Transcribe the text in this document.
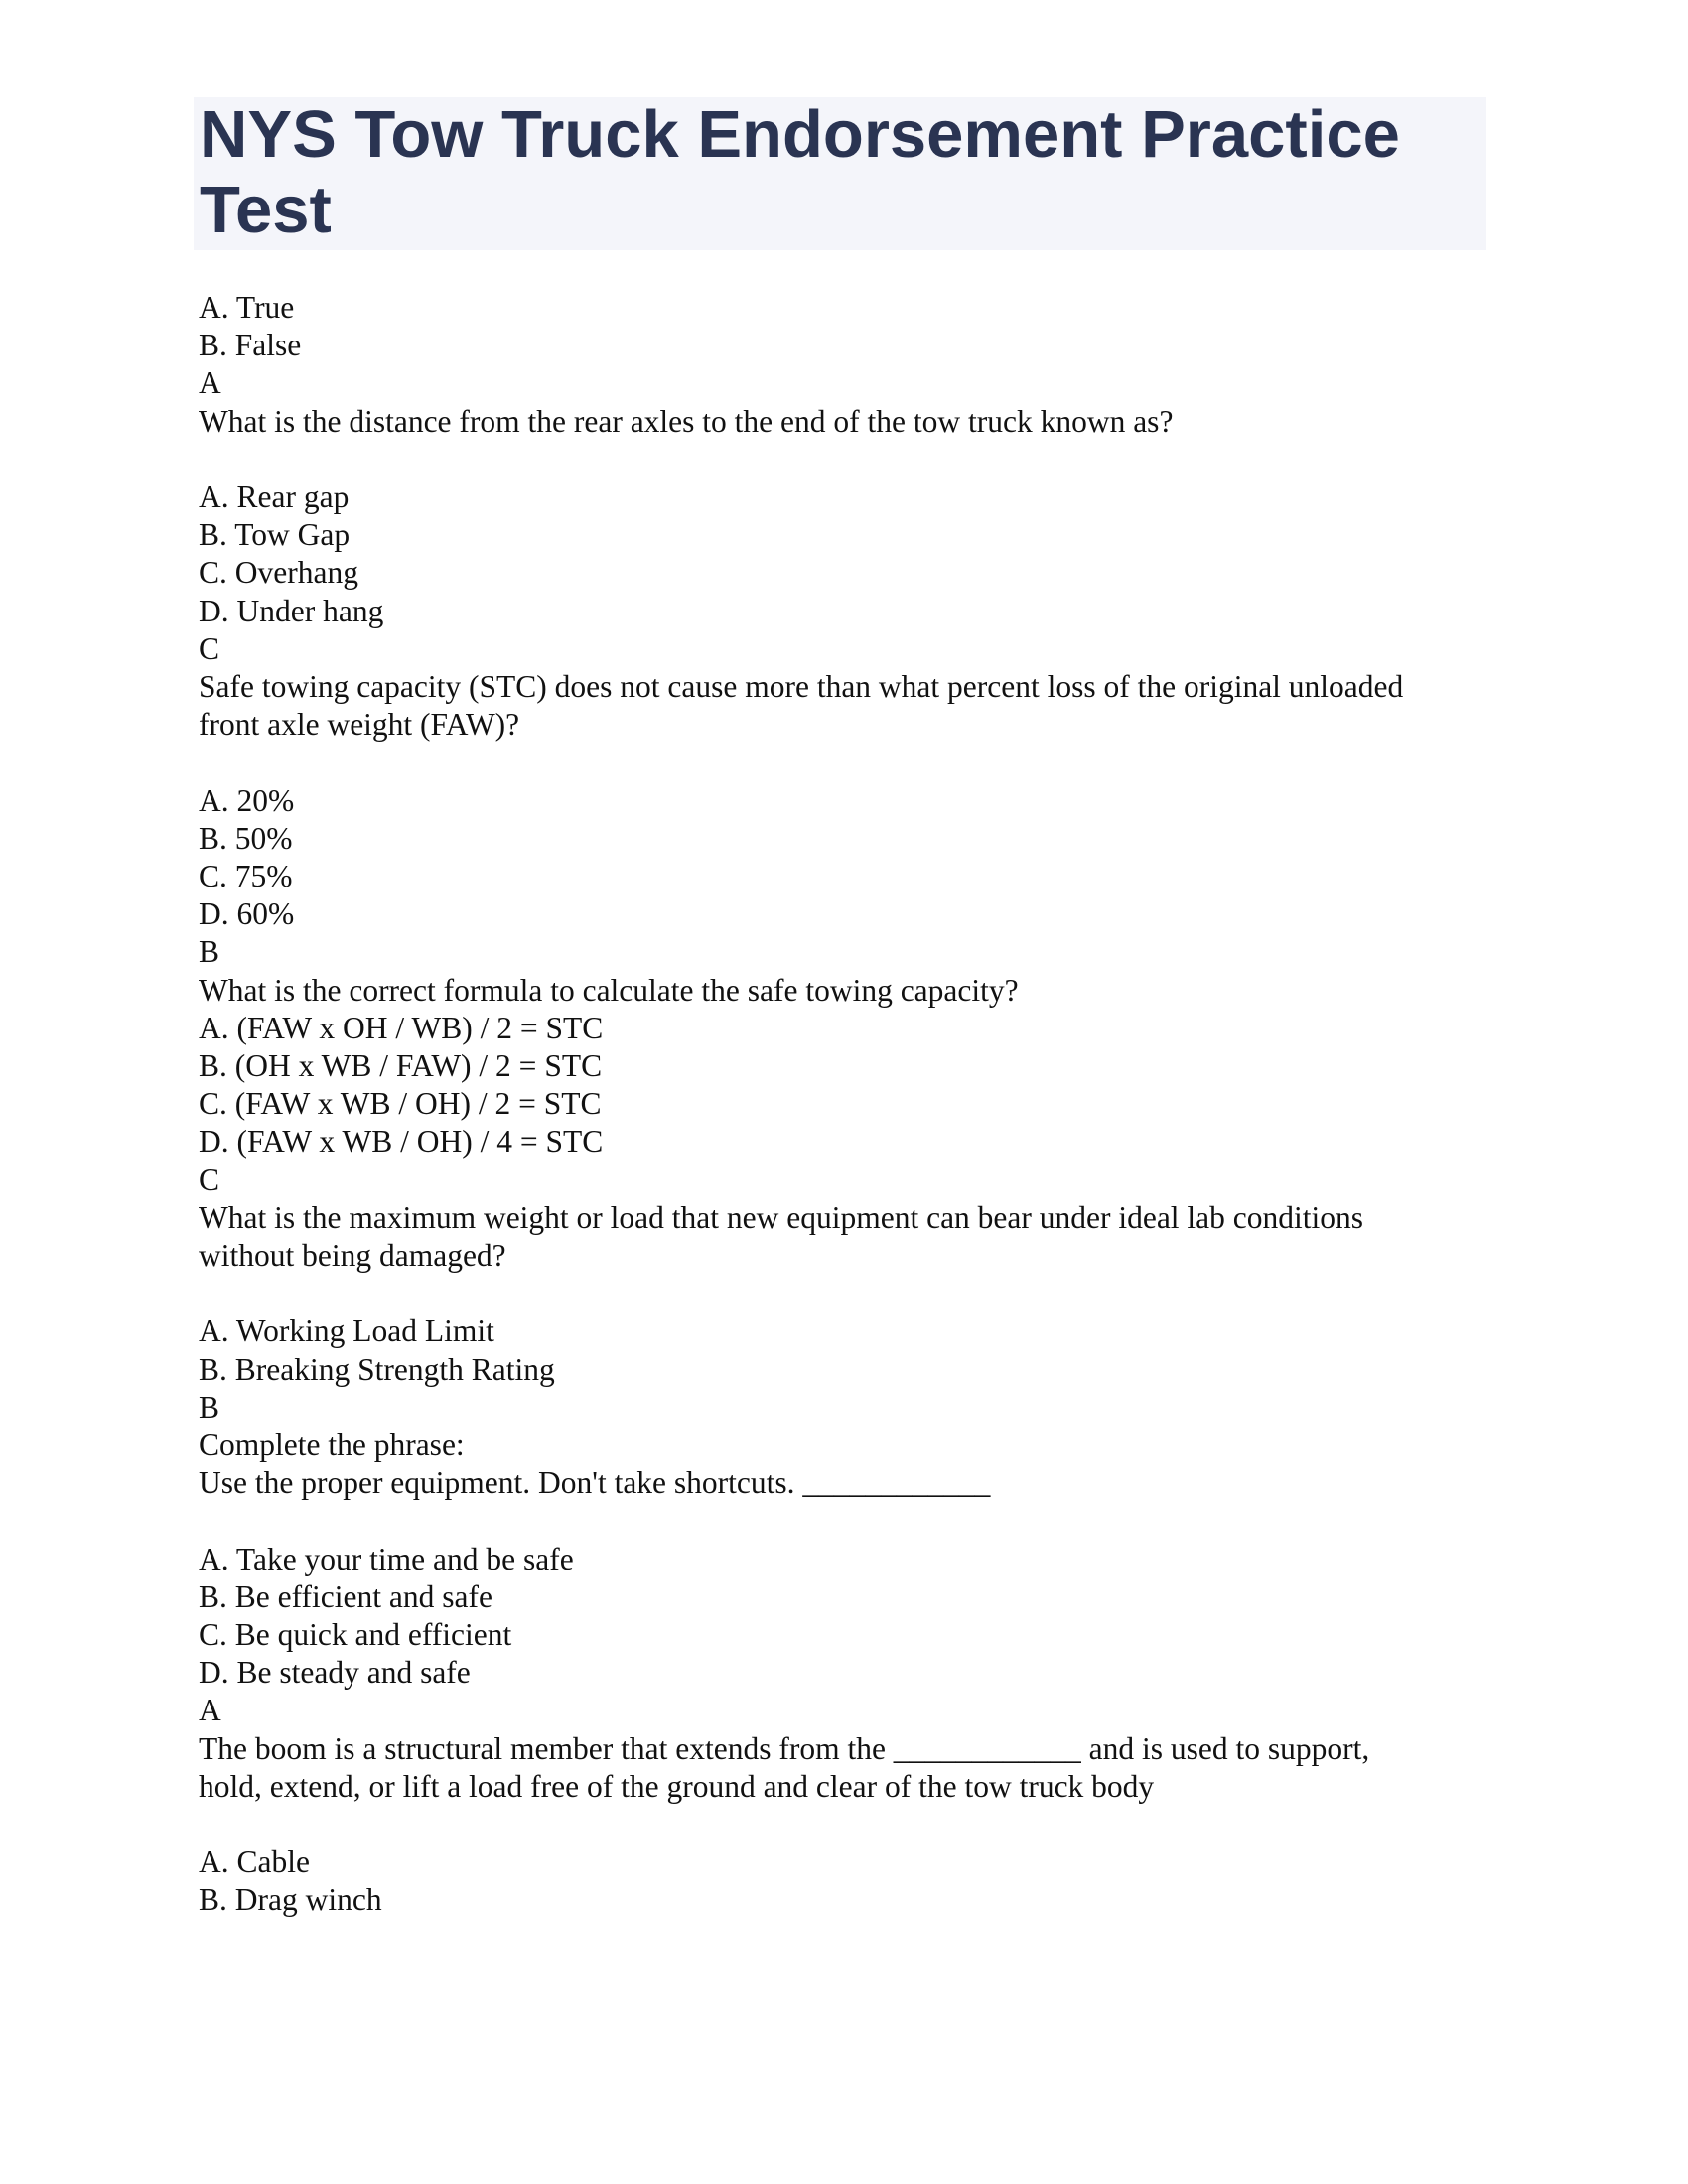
NYS Tow Truck Endorsement Practice Test
A. True
B. False
A
What is the distance from the rear axles to the end of the tow truck known as?
A. Rear gap
B. Tow Gap
C. Overhang
D. Under hang
C
Safe towing capacity (STC) does not cause more than what percent loss of the original unloaded
front axle weight (FAW)?
A. 20%
B. 50%
C. 75%
D. 60%
B
What is the correct formula to calculate the safe towing capacity?
A. (FAW x OH / WB) / 2 = STC
B. (OH x WB / FAW) / 2 = STC
C. (FAW x WB / OH) / 2 = STC
D. (FAW x WB / OH) / 4 = STC
C
What is the maximum weight or load that new equipment can bear under ideal lab conditions
without being damaged?
A. Working Load Limit
B. Breaking Strength Rating
B
Complete the phrase:
Use the proper equipment. Don't take shortcuts. ____________
A. Take your time and be safe
B. Be efficient and safe
C. Be quick and efficient
D. Be steady and safe
A
The boom is a structural member that extends from the ____________ and is used to support,
hold, extend, or lift a load free of the ground and clear of the tow truck body
A. Cable
B. Drag winch
